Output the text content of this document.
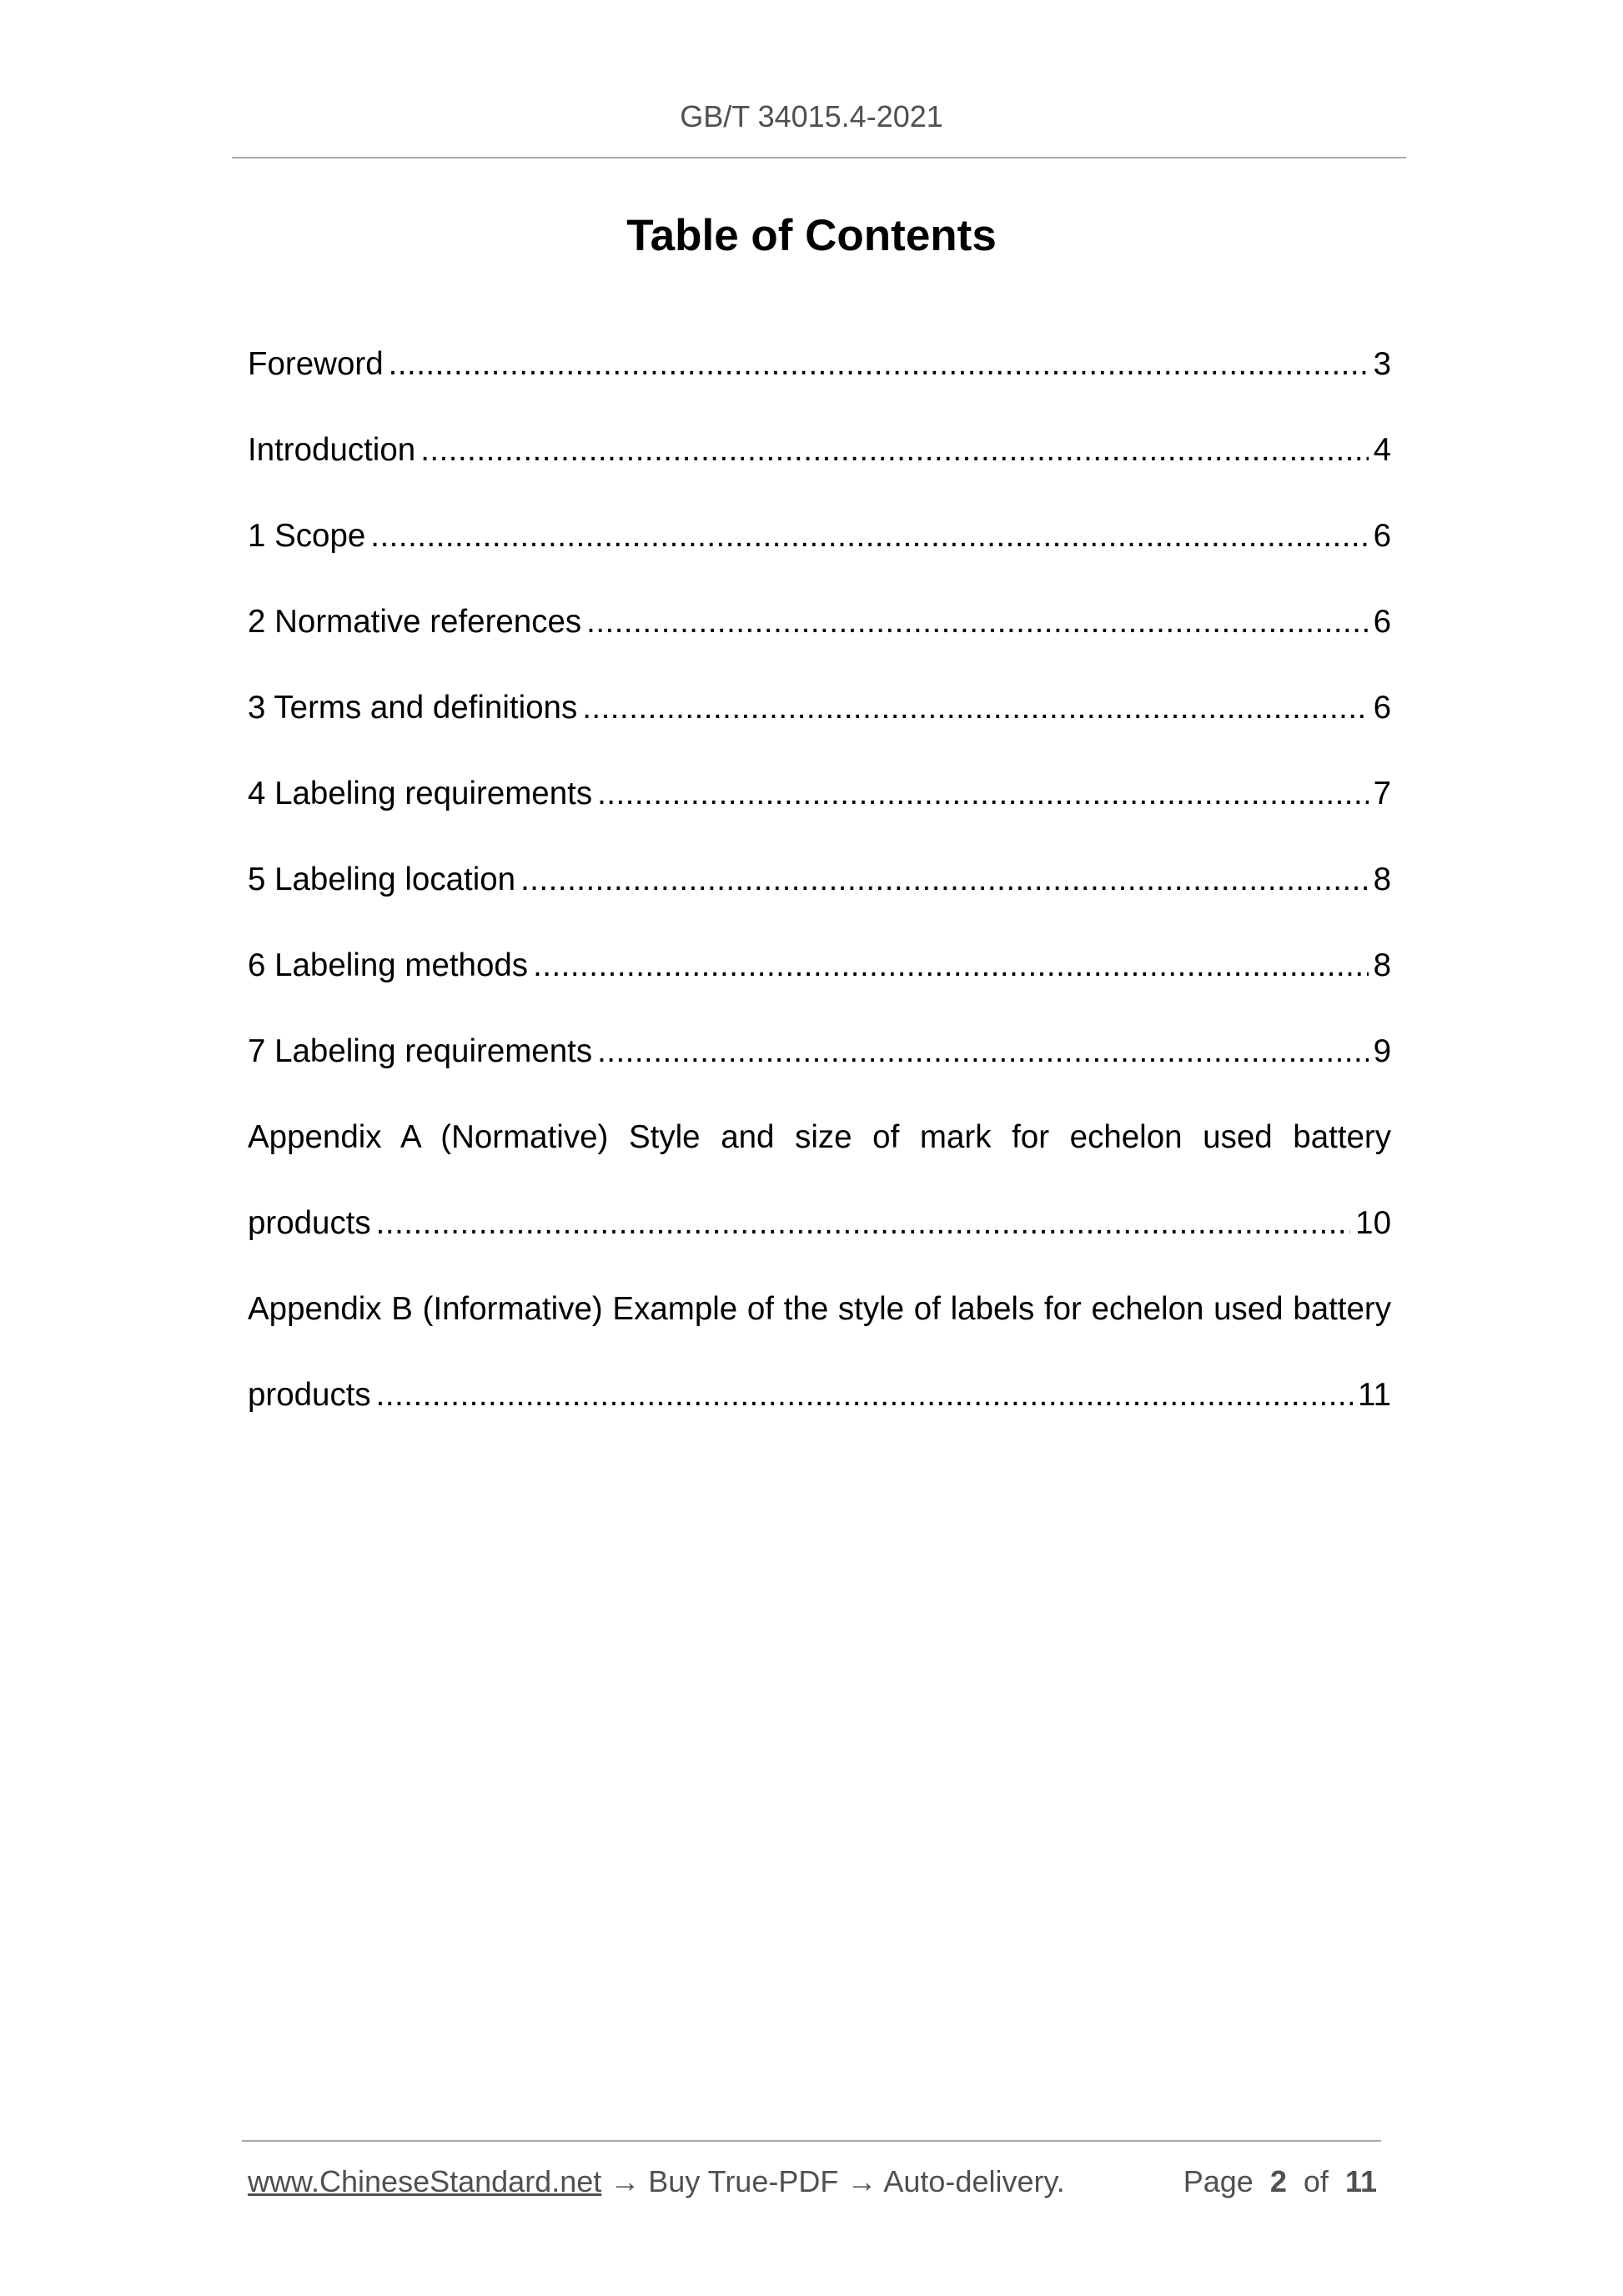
GB/T 34015.4-2021
Table of Contents
Foreword .....	3
Introduction .....	4
1 Scope .....	6
2 Normative references .....	6
3 Terms and definitions .....	6
4 Labeling requirements .....	7
5 Labeling location .....	8
6 Labeling methods .....	8
7 Labeling requirements .....	9
Appendix A (Normative) Style and size of mark for echelon used battery
products .....	10
Appendix B (Informative) Example of the style of labels for echelon used battery
products .....	11
www.ChineseStandard.net → Buy True-PDF → Auto-delivery.	Page 2 of 11
